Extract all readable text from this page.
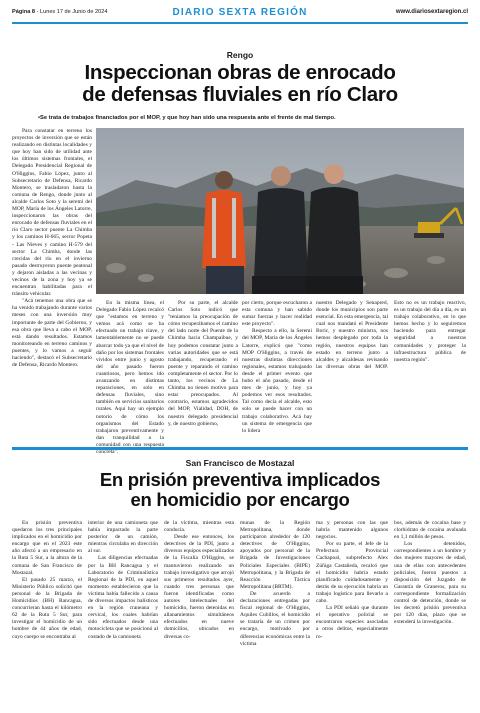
Página 8 - Lunes 17 de Junio de 2024	DIARIO SEXTA REGIÓN	www.diariosextaregion.cl
Rengo
Inspeccionan obras de enrocado
de defensas fluviales en río Claro
•Se trata de trabajos financiados por el MOP, y que hoy han sido una respuesta ante el frente de mal tiempo.

Para constatar en terreno los proyectos de inversión que se están realizando en distintas localidades y que hoy han sido de utilidad ante los últimos sistemas frontales, el Delegado Presidencial Regional de O'Higgins, Fabio López, junto al Subsecretario de Defensa, Ricardo Montero, se trasladaron hasta la comuna de Rengo, donde junto al alcalde Carlos Soto y la seremi del MOP, María de los Ángeles Latorre, inspeccionaron las obras del enrocado de defensas fluviales en el río Claro sector puente La Chimba y los caminos H-665, sector Popeta - Las Nieves y camino H-579 del sector La Chimba, donde las crecidas del río en el invierno pasado destruyeron puente peatonal y dejaron aisladas a las vecinas y vecinos de la zona y hoy ya se encuentran habilitadas para el tránsito vehicular.

"Acá tenemos una obra que se ha venido trabajando durante varios meses con una inversión muy importante de parte del Gobierno, y esa obra que lleva a cabo el MOP, está dando resultados. Estamos monitoreando en terreno caminos y puentes, y lo vamos a seguir haciendo", destacó el Subsecretario de Defensa, Ricardo Montero.

En la misma línea, el Delegado Fabio López recalcó que "estamos en terreno y vemos acá como se ha efectuado un trabajo clave, y lamentablemente no se puede abarcar todo ya que el nivel de daño por los sistemas frontales vividos entre junio y agosto del año pasado fueron cuantiosos, pero hemos ido avanzando en distintas reparaciones, en solo en defensas fluviales, sino también en servicios sanitarios rurales. Aquí hay un ejemplo notorio de cómo los organismos del Estado trabajaron preventivamente y dan tranquilidad a la comunidad con una respuesta concreta".

Por su parte, el alcalde Carlos Soto indicó que "teníamos la preocupación de cómo recuperábamos el camino del lado norte del Puente de la Chimba hacia Champaibue, y hoy podemos constatar junto a varias autoridades que se está trabajando, recuperando el puente y reparando el camino completamente el sector. Por lo tanto, los vecinos de La Chimba no tienen motivo para estar preocupados. Al contrario, estamos agradecidos del MOP, Vialidad, DOH, de nuestro delegado presidencial y, de nuestro gobierno,

por cierto, porque escucharon a esta comuna y han sabido sumar fuerzas y hacer realidad este proyecto".

Respecto a ello, la Seremi del MOP, María de los Ángeles Latorre, explicó que "como MOP O'Higgins, a través de nuestras distintas direcciones regionales, estamos trabajando desde el primer evento que hubo el año pasado, desde el mes de junio, y hoy ya podemos ver esos resultados. Tal como decía el alcalde, esto solo se puede hacer con un trabajo colaborativo. Acá hay un sistema de emergencia que lo lidera

nuestro Delegado y Senapred, donde los municipios son parte esencial. En esta emergencia, tal cual nos mandató el Presidente Boric, y nuestro ministra, nos hemos desplegado por toda la región, nuestros equipos han estado en terreno junto a alcaldes y alcaldesas revisando las diversas obras del MOP. Esto no es un trabajo reactivo, es un trabajo del día a día, es un trabajo colaborativo, en lo que hemos hecho y lo seguiremos haciendo para entregar seguridad a nuestras comunidades y proteger la infraestructura pública de nuestra región".

San Francisco de Mostazal
En prisión preventiva implicados
en homicidio por encargo

En prisión preventiva quedaron los tres principales implicados en el homicidio por encargo que en el 2023 este año afectó a un empresario en la Ruta 5 Sur, a la altura de la comuna de San Francisco de Mostazal.

El pasado 25 marzo, el Ministerio Público solicitó que personal de la Brigada de Homicidios (BH) Rancagua, concurrieran hasta el kilómetro 62 de la Ruta 5 Sur, para investigar el homicidio de un hombre de 44 años de edad, cuyo cuerpo se encontraba al

interior de una camioneta que había impactado la parte posterior de un camión, mientras circulaba en dirección al sur.

Las diligencias efectuadas por la BH Rancagua y el Laboratorio de Criminalística Regional de la PDI, en aquel momento establecieron que la víctima había fallecido a causa de diversos impactos balísticos en la región craneana y cervical, los cuales habrían sido efectuados desde una motocicleta que se posicionó al costado de la camioneta

de la víctima, mientras esta conducía.

Desde ese entonces, los detectives de la PDI, junto a diversos equipos especializados de la Fiscalía O'Higgins, se mantuvieron realizando un trabajo investigativo que arrojó sus primeros resultados ayer, cuando tres personas que fueron identificadas como autores intelectuales del homicidio, fueron detenidas en allanamientos simultáneos efectuados en nueve domicilios, ubicados en diversas co-

munas de la Región Metropolitana, donde participaron alrededor de 120 detectives de O'Higgins, apoyados por personal de la Brigada de Investigaciones Policiales Especiales (BIPE) Metropolitana, y la Brigada de Reacción Táctica Metropolitana (BRTM).

De acuerdo a declaraciones entregadas por fiscal regional de O'Higgins, Aquiles Cubillos, el homicidio se trataría de un crimen por encargo, motivado por diferencias económicas entre la víctima

ma y personas con las que habría mantenido algunos negocios.

Por su parte, el Jefe de la Prefectura Provincial Cachapoal, subprefecto Alex Zúñiga Castañeda, recalcó que el homicidio habría estado planificado cuidadosamente y detrás de su ejecución habría un trabajo logístico para llevarlo a cabo.

La PDI señaló que durante el operativo policial se encontraron especies asociadas a otros delitos, especialmente ro-

bos, además de cocaína base y clorhidrato de cocaína avaluada en 1,1 millón de pesos.

Los detenidos, correspondientes a un hombre y dos mujeres mayores de edad, una de ellas con antecedentes policiales, fueron puestos a disposición del Juzgado de Garantía de Graneros, para su correspondiente formalización control de detención, donde se les decretó prisión preventiva por 120 días, plazo que se extenderá la investigación.
